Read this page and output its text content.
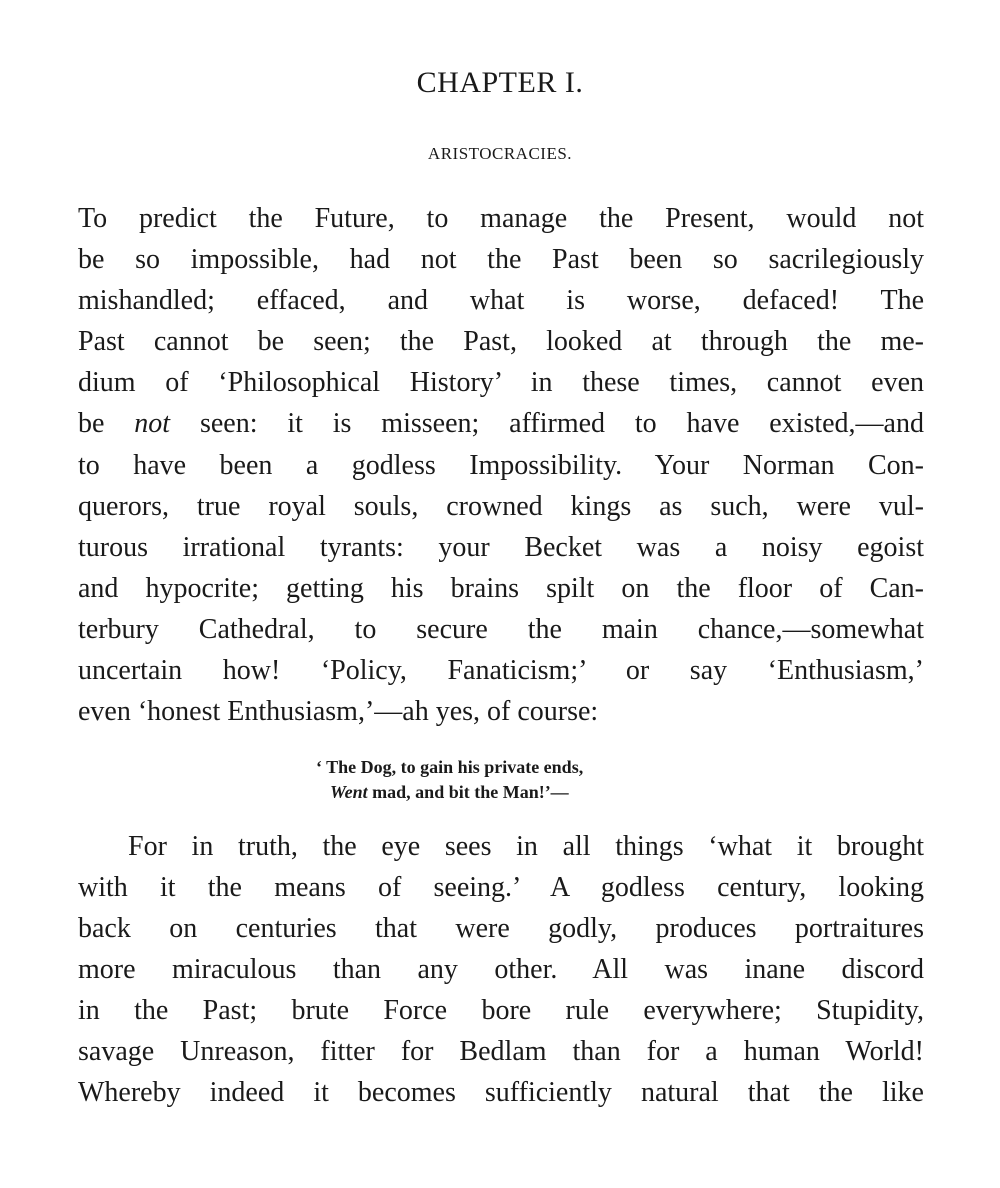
CHAPTER I.
ARISTOCRACIES.

To predict the Future, to manage the Present, would not

be so impossible, had not the Past been so sacrilegiously

mishandled; effaced, and what is worse, defaced! The

Past cannot be seen; the Past, looked at through the me-

dium of ‘Philosophical History’ in these times, cannot even

be not seen: it is misseen; affirmed to have existed,—and

to have been a godless Impossibility. Your Norman Con-

querors, true royal souls, crowned kings as such, were vul-

turous irrational tyrants: your Becket was a noisy egoist

and hypocrite; getting his brains spilt on the floor of Can-

terbury Cathedral, to secure the main chance,—somewhat

uncertain how! ‘Policy, Fanaticism;’ or say ‘Enthusiasm,’

even ‘honest Enthusiasm,’—ah yes, of course:

‘ The Dog, to gain his private ends,

Went mad, and bit the Man!’—

For in truth, the eye sees in all things ‘what it brought

with it the means of seeing.’ A godless century, looking

back on centuries that were godly, produces portraitures

more miraculous than any other. All was inane discord

in the Past; brute Force bore rule everywhere; Stupidity,

savage Unreason, fitter for Bedlam than for a human World!

Whereby indeed it becomes sufficiently natural that the like
